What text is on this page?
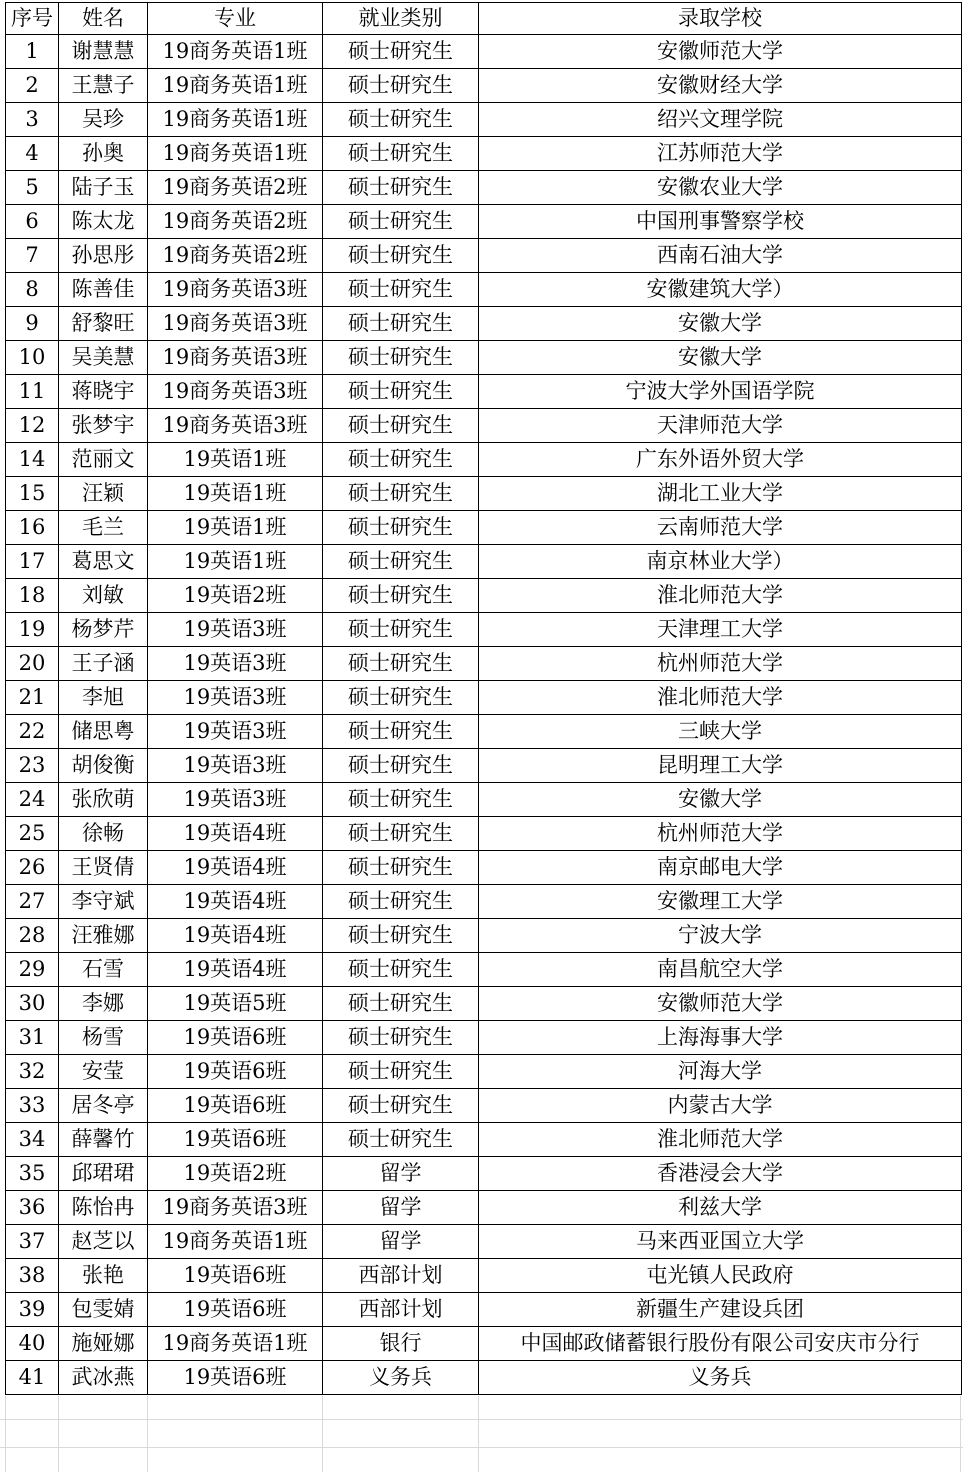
序号	姓名	专业	就业类别	录取学校
1	谢慧慧	19商务英语1班	硕士研究生	安徽师范大学
2	王慧子	19商务英语1班	硕士研究生	安徽财经大学
3	吴珍	19商务英语1班	硕士研究生	绍兴文理学院
4	孙奥	19商务英语1班	硕士研究生	江苏师范大学
5	陆子玉	19商务英语2班	硕士研究生	安徽农业大学
6	陈太龙	19商务英语2班	硕士研究生	中国刑事警察学校
7	孙思彤	19商务英语2班	硕士研究生	西南石油大学
8	陈善佳	19商务英语3班	硕士研究生	安徽建筑大学）
9	舒黎旺	19商务英语3班	硕士研究生	安徽大学
10	吴美慧	19商务英语3班	硕士研究生	安徽大学
11	蒋晓宇	19商务英语3班	硕士研究生	宁波大学外国语学院
12	张梦宇	19商务英语3班	硕士研究生	天津师范大学
14	范丽文	19英语1班	硕士研究生	广东外语外贸大学
15	汪颖	19英语1班	硕士研究生	湖北工业大学
16	毛兰	19英语1班	硕士研究生	云南师范大学
17	葛思文	19英语1班	硕士研究生	南京林业大学）
18	刘敏	19英语2班	硕士研究生	淮北师范大学
19	杨梦芹	19英语3班	硕士研究生	天津理工大学
20	王子涵	19英语3班	硕士研究生	杭州师范大学
21	李旭	19英语3班	硕士研究生	淮北师范大学
22	储思粤	19英语3班	硕士研究生	三峡大学
23	胡俊衡	19英语3班	硕士研究生	昆明理工大学
24	张欣萌	19英语3班	硕士研究生	安徽大学
25	徐畅	19英语4班	硕士研究生	杭州师范大学
26	王贤倩	19英语4班	硕士研究生	南京邮电大学
27	李守斌	19英语4班	硕士研究生	安徽理工大学
28	汪雅娜	19英语4班	硕士研究生	宁波大学
29	石雪	19英语4班	硕士研究生	南昌航空大学
30	李娜	19英语5班	硕士研究生	安徽师范大学
31	杨雪	19英语6班	硕士研究生	上海海事大学
32	安莹	19英语6班	硕士研究生	河海大学
33	居冬亭	19英语6班	硕士研究生	内蒙古大学
34	薛馨竹	19英语6班	硕士研究生	淮北师范大学
35	邱珺珺	19英语2班	留学	香港浸会大学
36	陈怡冉	19商务英语3班	留学	利兹大学
37	赵芝以	19商务英语1班	留学	马来西亚国立大学
38	张艳	19英语6班	西部计划	屯光镇人民政府
39	包雯婧	19英语6班	西部计划	新疆生产建设兵团
40	施娅娜	19商务英语1班	银行	中国邮政储蓄银行股份有限公司安庆市分行
41	武冰燕	19英语6班	义务兵	义务兵
